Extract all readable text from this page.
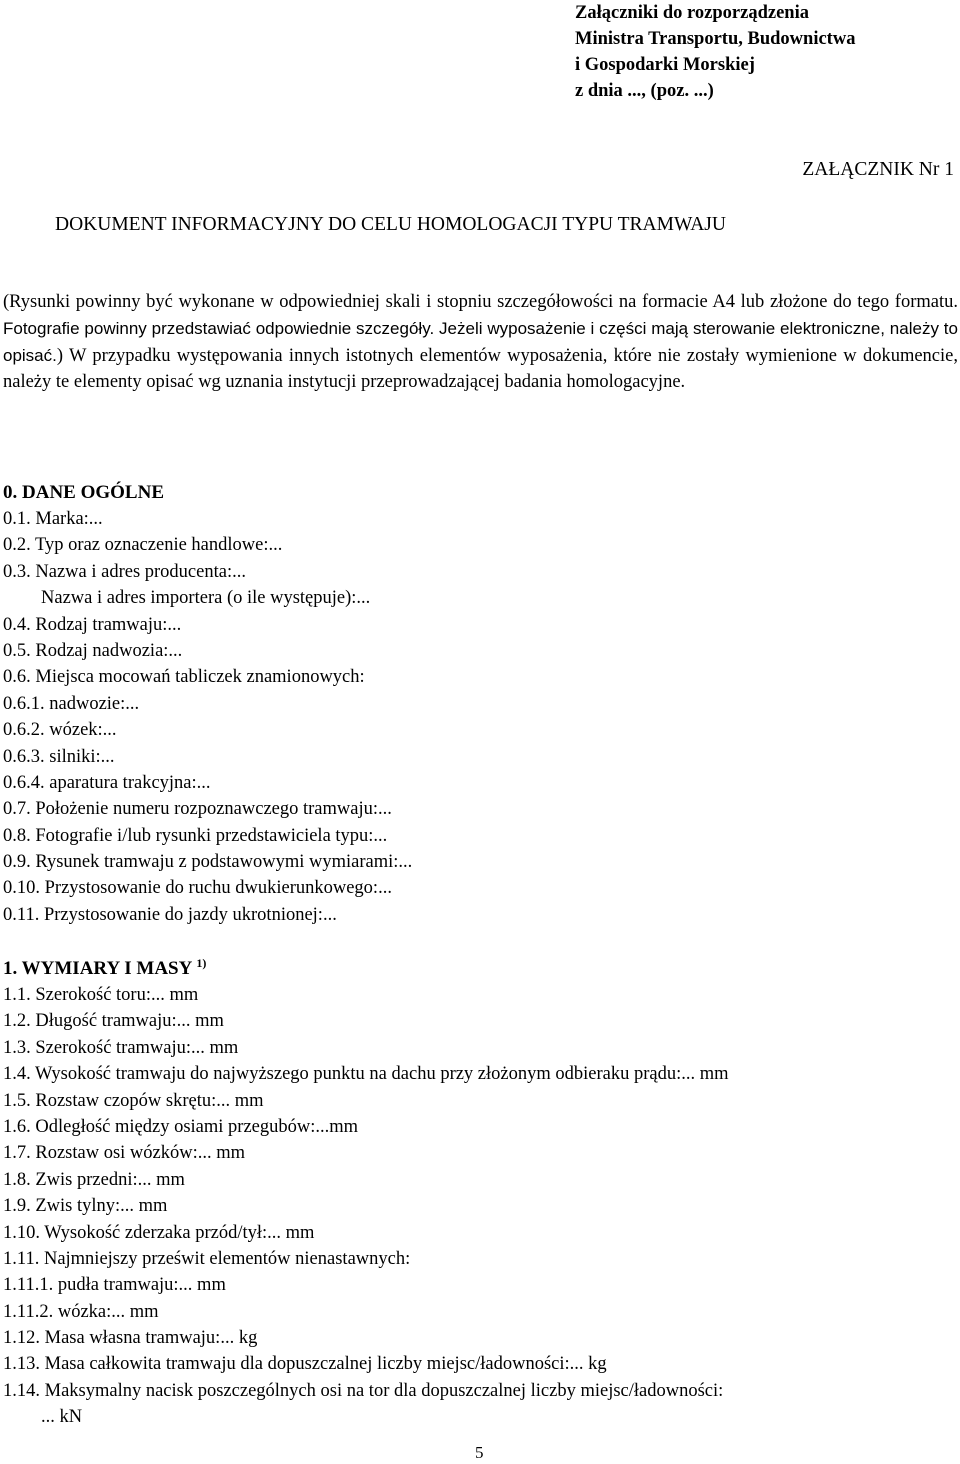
Załączniki do rozporządzenia
Ministra Transportu, Budownictwa
i Gospodarki Morskiej
z dnia ..., (poz. ...)
ZAŁĄCZNIK Nr 1
DOKUMENT INFORMACYJNY DO CELU HOMOLOGACJI TYPU TRAMWAJU
(Rysunki powinny być wykonane w odpowiedniej skali i stopniu szczegółowości na formacie A4 lub złożone do tego formatu. Fotografie powinny przedstawiać odpowiednie szczegóły. Jeżeli wyposażenie i części mają sterowanie elektroniczne, należy to opisać.) W przypadku występowania innych istotnych elementów wyposażenia, które nie zostały wymienione w dokumencie, należy te elementy opisać wg uznania instytucji przeprowadzającej badania homologacyjne.
0. DANE OGÓLNE
0.1. Marka:...
0.2. Typ oraz oznaczenie handlowe:...
0.3. Nazwa i adres producenta:...
Nazwa i adres importera (o ile występuje):...
0.4. Rodzaj tramwaju:...
0.5. Rodzaj nadwozia:...
0.6. Miejsca mocowań tabliczek znamionowych:
0.6.1. nadwozie:...
0.6.2. wózek:...
0.6.3. silniki:...
0.6.4. aparatura trakcyjna:...
0.7. Położenie numeru rozpoznawczego tramwaju:...
0.8. Fotografie i/lub rysunki przedstawiciela typu:...
0.9. Rysunek tramwaju z podstawowymi wymiarami:...
0.10. Przystosowanie do ruchu dwukierunkowego:...
0.11. Przystosowanie do jazdy ukrotnionej:...
1. WYMIARY I MASY $^{1)}$
1.1. Szerokość toru:... mm
1.2. Długość tramwaju:... mm
1.3. Szerokość tramwaju:... mm
1.4. Wysokość tramwaju do najwyższego punktu na dachu przy złożonym odbieraku prądu:... mm
1.5. Rozstaw czopów skrętu:... mm
1.6. Odległość między osiami przegubów:...mm
1.7. Rozstaw osi wózków:... mm
1.8. Zwis przedni:... mm
1.9. Zwis tylny:... mm
1.10. Wysokość zderzaka przód/tył:... mm
1.11. Najmniejszy prześwit elementów nienastawnych:
1.11.1. pudła tramwaju:... mm
1.11.2. wózka:... mm
1.12. Masa własna tramwaju:... kg
1.13. Masa całkowita tramwaju dla dopuszczalnej liczby miejsc/ładowności:... kg
1.14. Maksymalny nacisk poszczególnych osi na tor dla dopuszczalnej liczby miejsc/ładowności:
... kN
5
